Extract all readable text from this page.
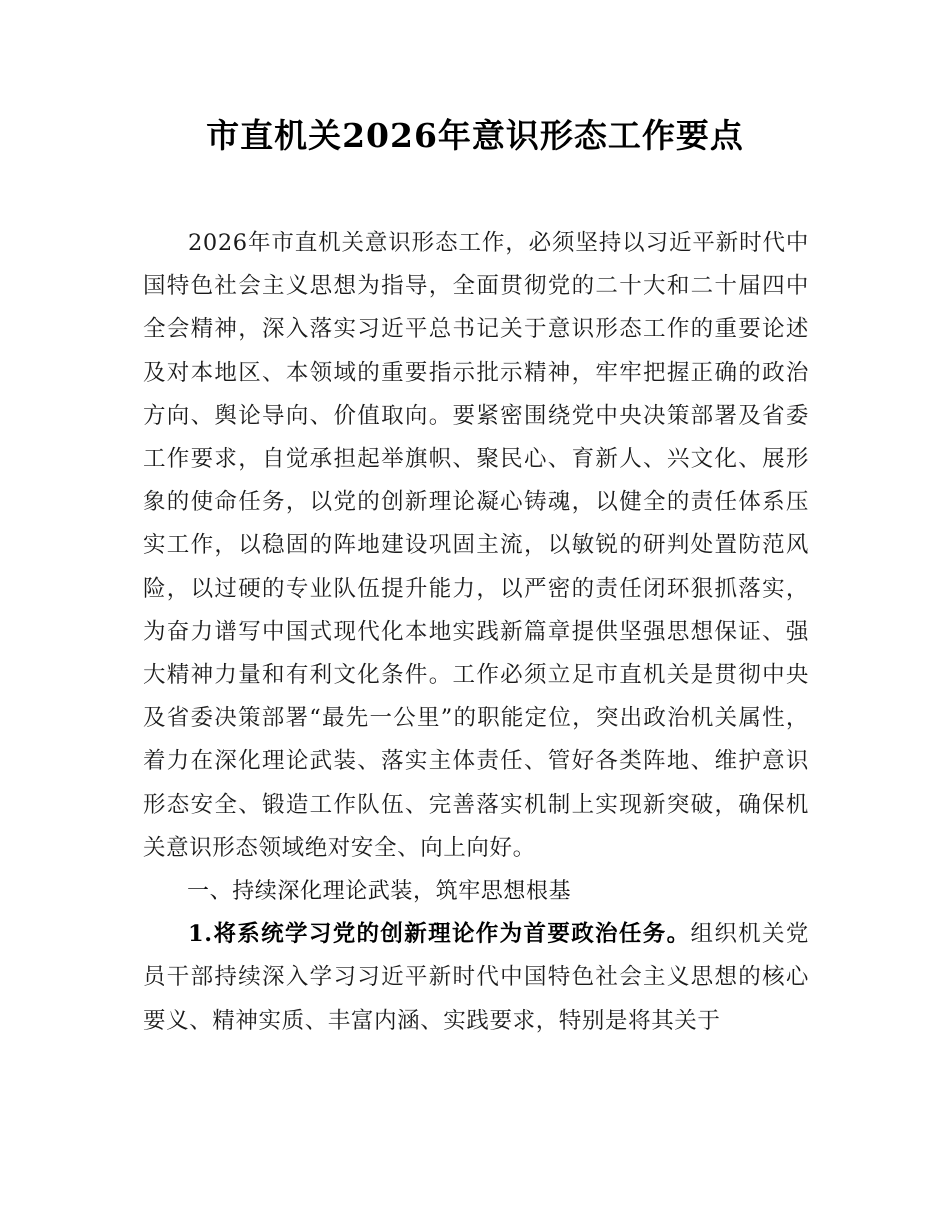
市直机关2026年意识形态工作要点

2026年市直机关意识形态工作，必须坚持以习近平新时代中国特色社会主义思想为指导，全面贯彻党的二十大和二十届四中全会精神，深入落实习近平总书记关于意识形态工作的重要论述及对本地区、本领域的重要指示批示精神，牢牢把握正确的政治方向、舆论导向、价值取向。要紧密围绕党中央决策部署及省委工作要求，自觉承担起举旗帜、聚民心、育新人、兴文化、展形象的使命任务，以党的创新理论凝心铸魂，以健全的责任体系压实工作，以稳固的阵地建设巩固主流，以敏锐的研判处置防范风险，以过硬的专业队伍提升能力，以严密的责任闭环狠抓落实，为奋力谱写中国式现代化本地实践新篇章提供坚强思想保证、强大精神力量和有利文化条件。工作必须立足市直机关是贯彻中央及省委决策部署“最先一公里”的职能定位，突出政治机关属性，着力在深化理论武装、落实主体责任、管好各类阵地、维护意识形态安全、锻造工作队伍、完善落实机制上实现新突破，确保机关意识形态领域绝对安全、向上向好。

一、持续深化理论武装，筑牢思想根基

1.将系统学习党的创新理论作为首要政治任务。组织机关党员干部持续深入学习习近平新时代中国特色社会主义思想的核心要义、精神实质、丰富内涵、实践要求，特别是将其关于
